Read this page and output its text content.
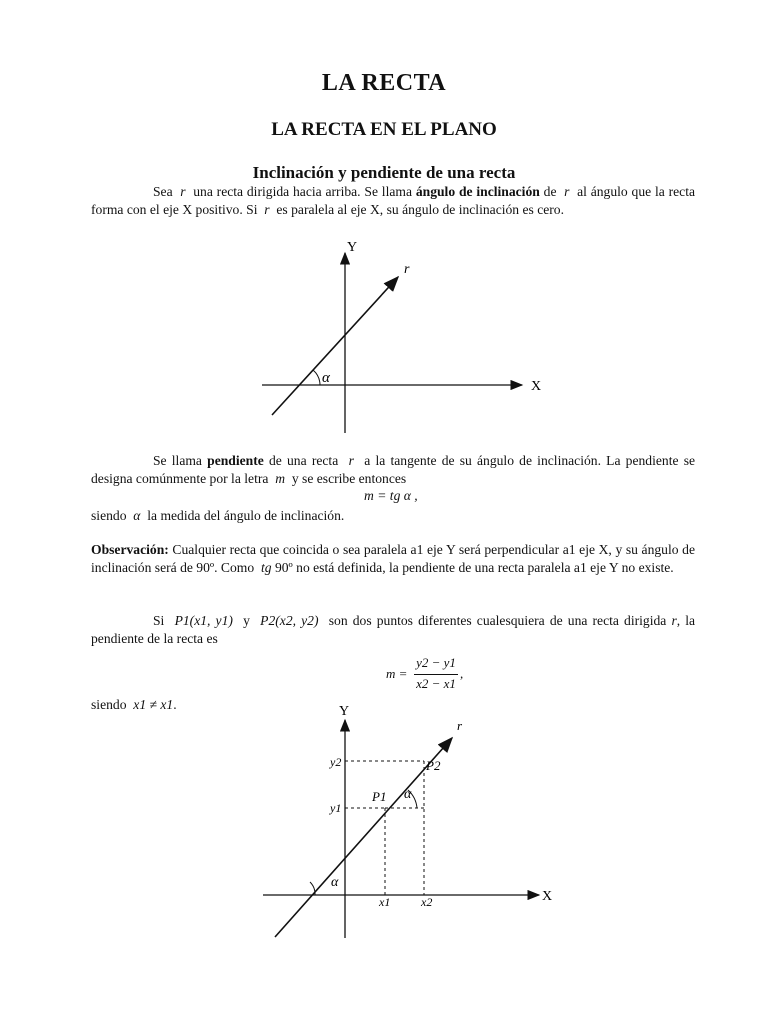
LA RECTA
LA RECTA EN EL PLANO
Inclinación y pendiente de una recta
Sea r una recta dirigida hacia arriba. Se llama ángulo de inclinación de r al ángulo que la recta forma con el eje X positivo. Si r es paralela al eje X, su ángulo de inclinación es cero.
Y
X
r
α
Se llama pendiente de una recta r a la tangente de su ángulo de inclinación. La pendiente se designa comúnmente por la letra m y se escribe entonces
m = tg α ,
siendo α la medida del ángulo de inclinación.
Observación: Cualquier recta que coincida o sea paralela a1 eje Y será perpendicular a1 eje X, y su ángulo de inclinación será de 90º. Como tg 90º no está definida, la pendiente de una recta paralela a1 eje Y no existe.
Si P1(x1, y1) y P2(x2, y2) son dos puntos diferentes cualesquiera de una recta dirigida r, la pendiente de la recta es
m =
y2 − y1
x2 − x1
,
siendo x1 ≠ x1.	Y
X
r
y2
y1
x1	x2
P1
P2
α
α
